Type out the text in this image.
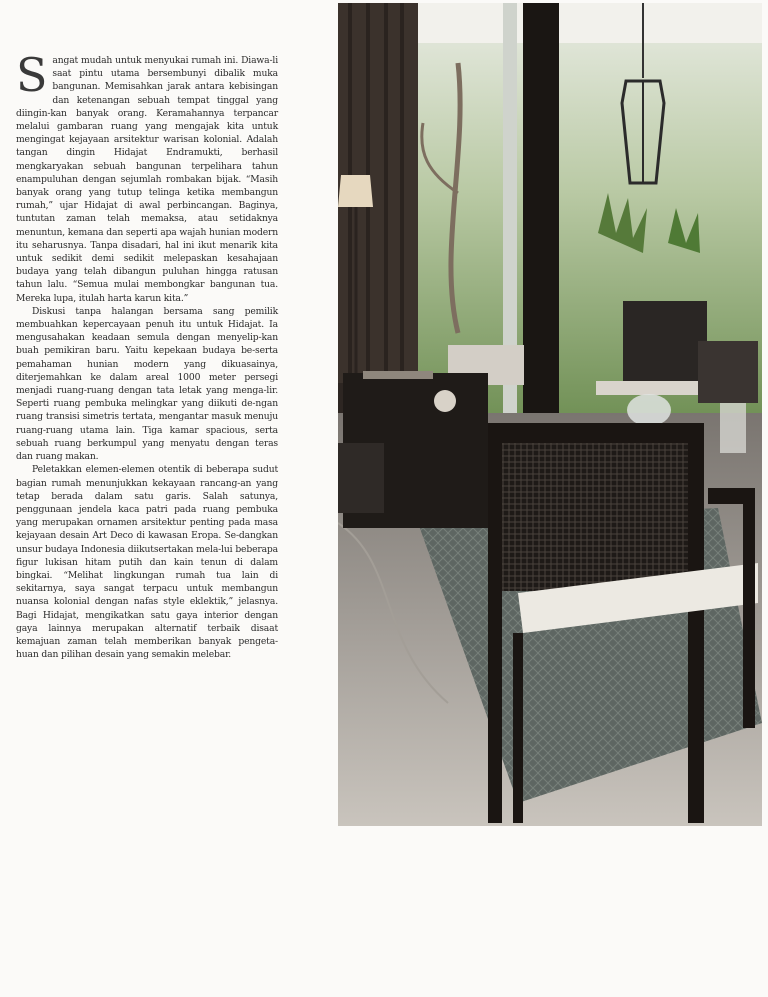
Sangat mudah untuk menyukai rumah ini. Diawa-li saat pintu utama bersembunyi dibalik muka bangunan. Memisahkan jarak antara kebisingan dan ketenangan sebuah tempat tinggal yang diingin-kan banyak orang. Keramahannya terpancar melalui gambaran ruang yang mengajak kita untuk mengingat kejayaan arsitektur warisan kolonial. Adalah tangan dingin Hidajat Endramukti, berhasil mengkaryakan sebuah bangunan terpelihara tahun enampuluhan dengan sejumlah rombakan bijak. “Masih banyak orang yang tutup telinga ketika membangun rumah,” ujar Hidajat di awal perbincangan. Baginya, tuntutan zaman telah memaksa, atau setidaknya menuntun, kemana dan seperti apa wajah hunian modern itu seharusnya. Tanpa disadari, hal ini ikut menarik kita untuk sedikit demi sedikit melepaskan kesahajaan budaya yang telah dibangun puluhan hingga ratusan tahun lalu. “Semua mulai membongkar bangunan tua. Mereka lupa, itulah harta karun kita.”

Diskusi tanpa halangan bersama sang pemilik membuahkan kepercayaan penuh itu untuk Hidajat. Ia mengusahakan keadaan semula dengan menyelip-kan buah pemikiran baru. Yaitu kepekaan budaya be-serta pemahaman hunian modern yang dikuasainya, diterjemahkan ke dalam areal 1000 meter persegi menjadi ruang-ruang dengan tata letak yang menga-lir. Seperti ruang pembuka melingkar yang diikuti de-ngan ruang transisi simetris tertata, mengantar masuk menuju ruang-ruang utama lain. Tiga kamar spacious, serta sebuah ruang berkumpul yang menyatu dengan teras dan ruang makan.

Peletakkan elemen-elemen otentik di beberapa sudut bagian rumah menunjukkan kekayaan rancang-an yang tetap berada dalam satu garis. Salah satunya, penggunaan jendela kaca patri pada ruang pembuka yang merupakan ornamen arsitektur penting pada masa kejayaan desain Art Deco di kawasan Eropa. Se-dangkan unsur budaya Indonesia diikutsertakan mela-lui beberapa figur lukisan hitam putih dan kain tenun di dalam bingkai. “Melihat lingkungan rumah tua lain di sekitarnya, saya sangat terpacu untuk membangun nuansa kolonial dengan nafas style eklektik,” jelasnya. Bagi Hidajat, mengikatkan satu gaya interior dengan gaya lainnya merupakan alternatif terbaik disaat kemajuan zaman telah memberikan banyak pengeta-huan dan pilihan desain yang semakin melebar.
